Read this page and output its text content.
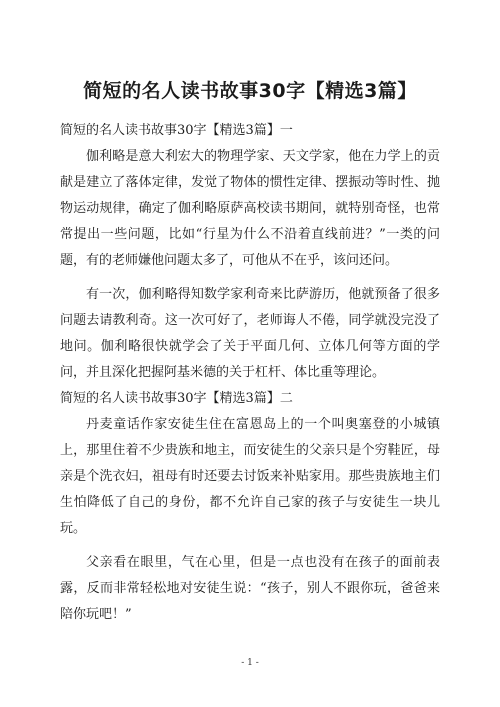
简短的名人读书故事30字【精选3篇】

简短的名人读书故事30字【精选3篇】一

伽利略是意大利宏大的物理学家、天文学家，他在力学上的贡献是建立了落体定律，发觉了物体的惯性定律、摆振动等时性、抛物运动规律，确定了伽利略原萨高校读书期间，就特别奇怪，也常常提出一些问题，比如“行星为什么不沿着直线前进？”一类的问题，有的老师嫌他问题太多了，可他从不在乎，该问还问。

有一次，伽利略得知数学家利奇来比萨游历，他就预备了很多问题去请教利奇。这一次可好了，老师诲人不倦，同学就没完没了地问。伽利略很快就学会了关于平面几何、立体几何等方面的学问，并且深化把握阿基米德的关于杠杆、体比重等理论。

简短的名人读书故事30字【精选3篇】二

丹麦童话作家安徒生住在富恩岛上的一个叫奥塞登的小城镇上，那里住着不少贵族和地主，而安徒生的父亲只是个穷鞋匠，母亲是个洗衣妇，祖母有时还要去讨饭来补贴家用。那些贵族地主们生怕降低了自己的身份，都不允许自己家的孩子与安徒生一块儿玩。

父亲看在眼里，气在心里，但是一点也没有在孩子的面前表露，反而非常轻松地对安徒生说：“孩子，别人不跟你玩，爸爸来陪你玩吧！”

- 1 -
